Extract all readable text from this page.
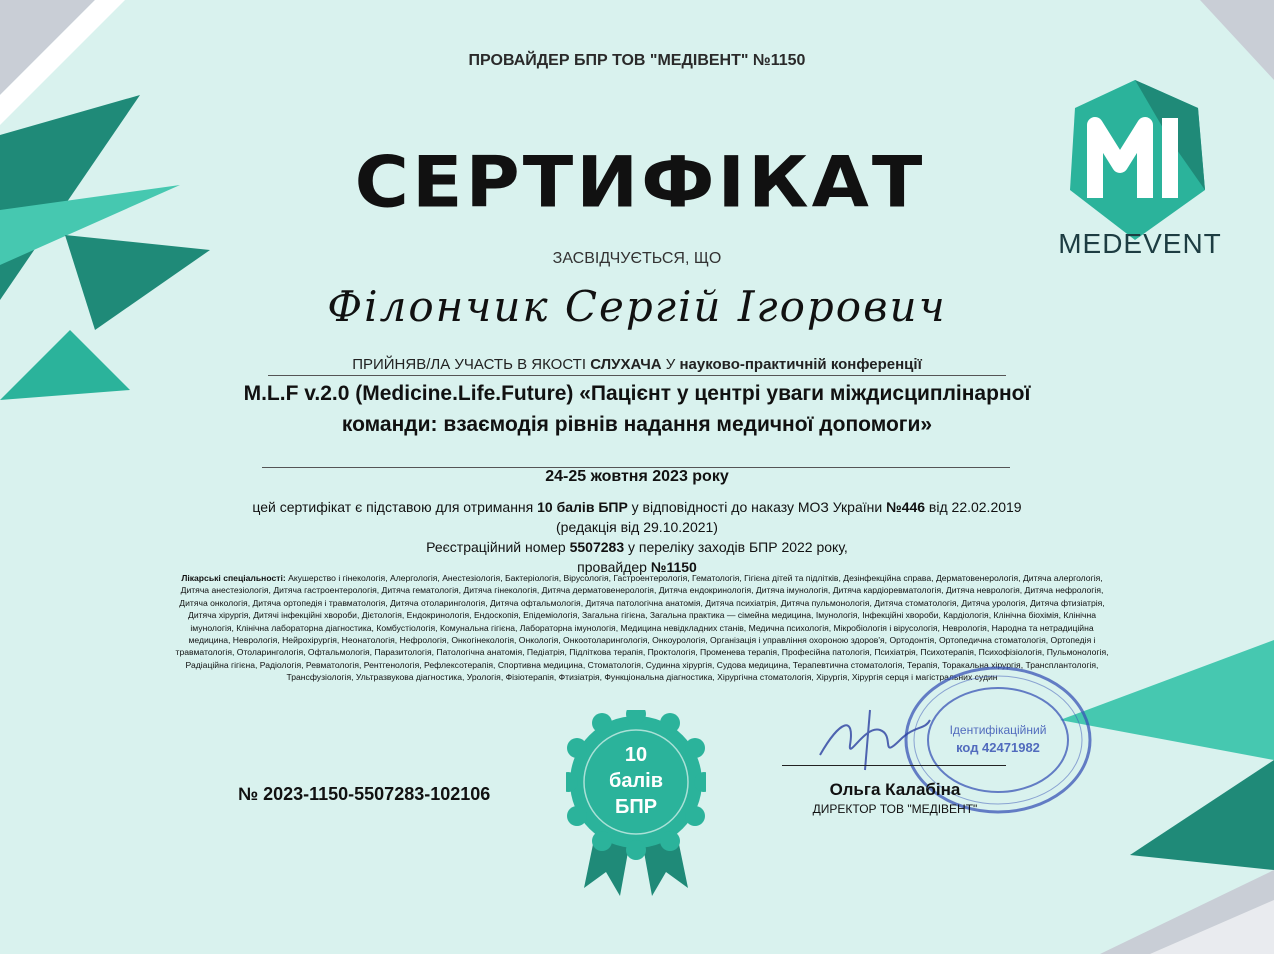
MEDEVENT
ПРОВАЙДЕР БПР ТОВ "МЕДІВЕНТ" №1150
СЕРТИФІКАТ
ЗАСВІДЧУЄТЬСЯ, ЩО
Філончик Сергій Ігорович
ПРИЙНЯВ/ЛА УЧАСТЬ В ЯКОСТІ СЛУХАЧА У науково-практичній конференції
M.L.F v.2.0 (Medicine.Life.Future) «Пацієнт у центрі уваги міждисциплінарної команди: взаємодія рівнів надання медичної допомоги»
24-25 жовтня 2023 року
цей сертифікат є підставою для отримання 10 балів БПР у відповідності до наказу МОЗ України №446 від 22.02.2019
(редакція від 29.10.2021)
Реєстраційний номер 5507283 у переліку заходів БПР 2022 року,
провайдер №1150
Лікарські спеціальності: Акушерство і гінекологія, Алергологія, Анестезіологія, Бактеріологія, Вірусологія, Гастроентерологія, Гематологія, Гігієна дітей та підлітків, Дезінфекційна справа, Дерматовенерологія, Дитяча алергологія, Дитяча анестезіологія, Дитяча гастроентерологія, Дитяча гематологія, Дитяча гінекологія, Дитяча дерматовенерологія, Дитяча ендокринологія, Дитяча імунологія, Дитяча кардіоревматологія, Дитяча неврологія, Дитяча нефрологія, Дитяча онкологія, Дитяча ортопедія і травматологія, Дитяча отоларингологія, Дитяча офтальмологія, Дитяча патологічна анатомія, Дитяча психіатрія, Дитяча пульмонологія, Дитяча стоматологія, Дитяча урологія, Дитяча фтизіатрія, Дитяча хірургія, Дитячі інфекційні хвороби, Дієтологія, Ендокринологія, Ендоскопія, Епідеміологія, Загальна гігієна, Загальна практика — сімейна медицина, Імунологія, Інфекційні хвороби, Кардіологія, Клінічна біохімія, Клінічна імунологія, Клінічна лабораторна діагностика, Комбустіологія, Комунальна гігієна, Лабораторна імунологія, Медицина невідкладних станів, Медична психологія, Мікробіологія і вірусологія, Неврологія, Народна та нетрадиційна медицина, Неврологія, Нейрохірургія, Неонатологія, Нефрологія, Онкогінекологія, Онкологія, Онкоотоларингологія, Онкоурологія, Організація і управління охороною здоров'я, Ортодонтія, Ортопедична стоматологія, Ортопедія і травматологія, Отоларингологія, Офтальмологія, Паразитологія, Патологічна анатомія, Педіатрія, Підліткова терапія, Проктологія, Променева терапія, Професійна патологія, Психіатрія, Психотерапія, Психофізіологія, Пульмонологія, Радіаційна гігієна, Радіологія, Ревматологія, Рентгенологія, Рефлексотерапія, Спортивна медицина, Стоматологія, Судинна хірургія, Судова медицина, Терапевтична стоматологія, Терапія, Торакальна хірургія, Трансплантологія, Трансфузіологія, Ультразвукова діагностика, Урологія, Фізіотерапія, Фтизіатрія, Функціональна діагностика, Хірургічна стоматологія, Хірургія, Хірургія серця і магістральних судин
№ 2023-1150-5507283-102106
10
балів
БПР
Ідентифікаційний
код 42471982
Ольга Калабіна
ДИРЕКТОР ТОВ "МЕДІВЕНТ"
